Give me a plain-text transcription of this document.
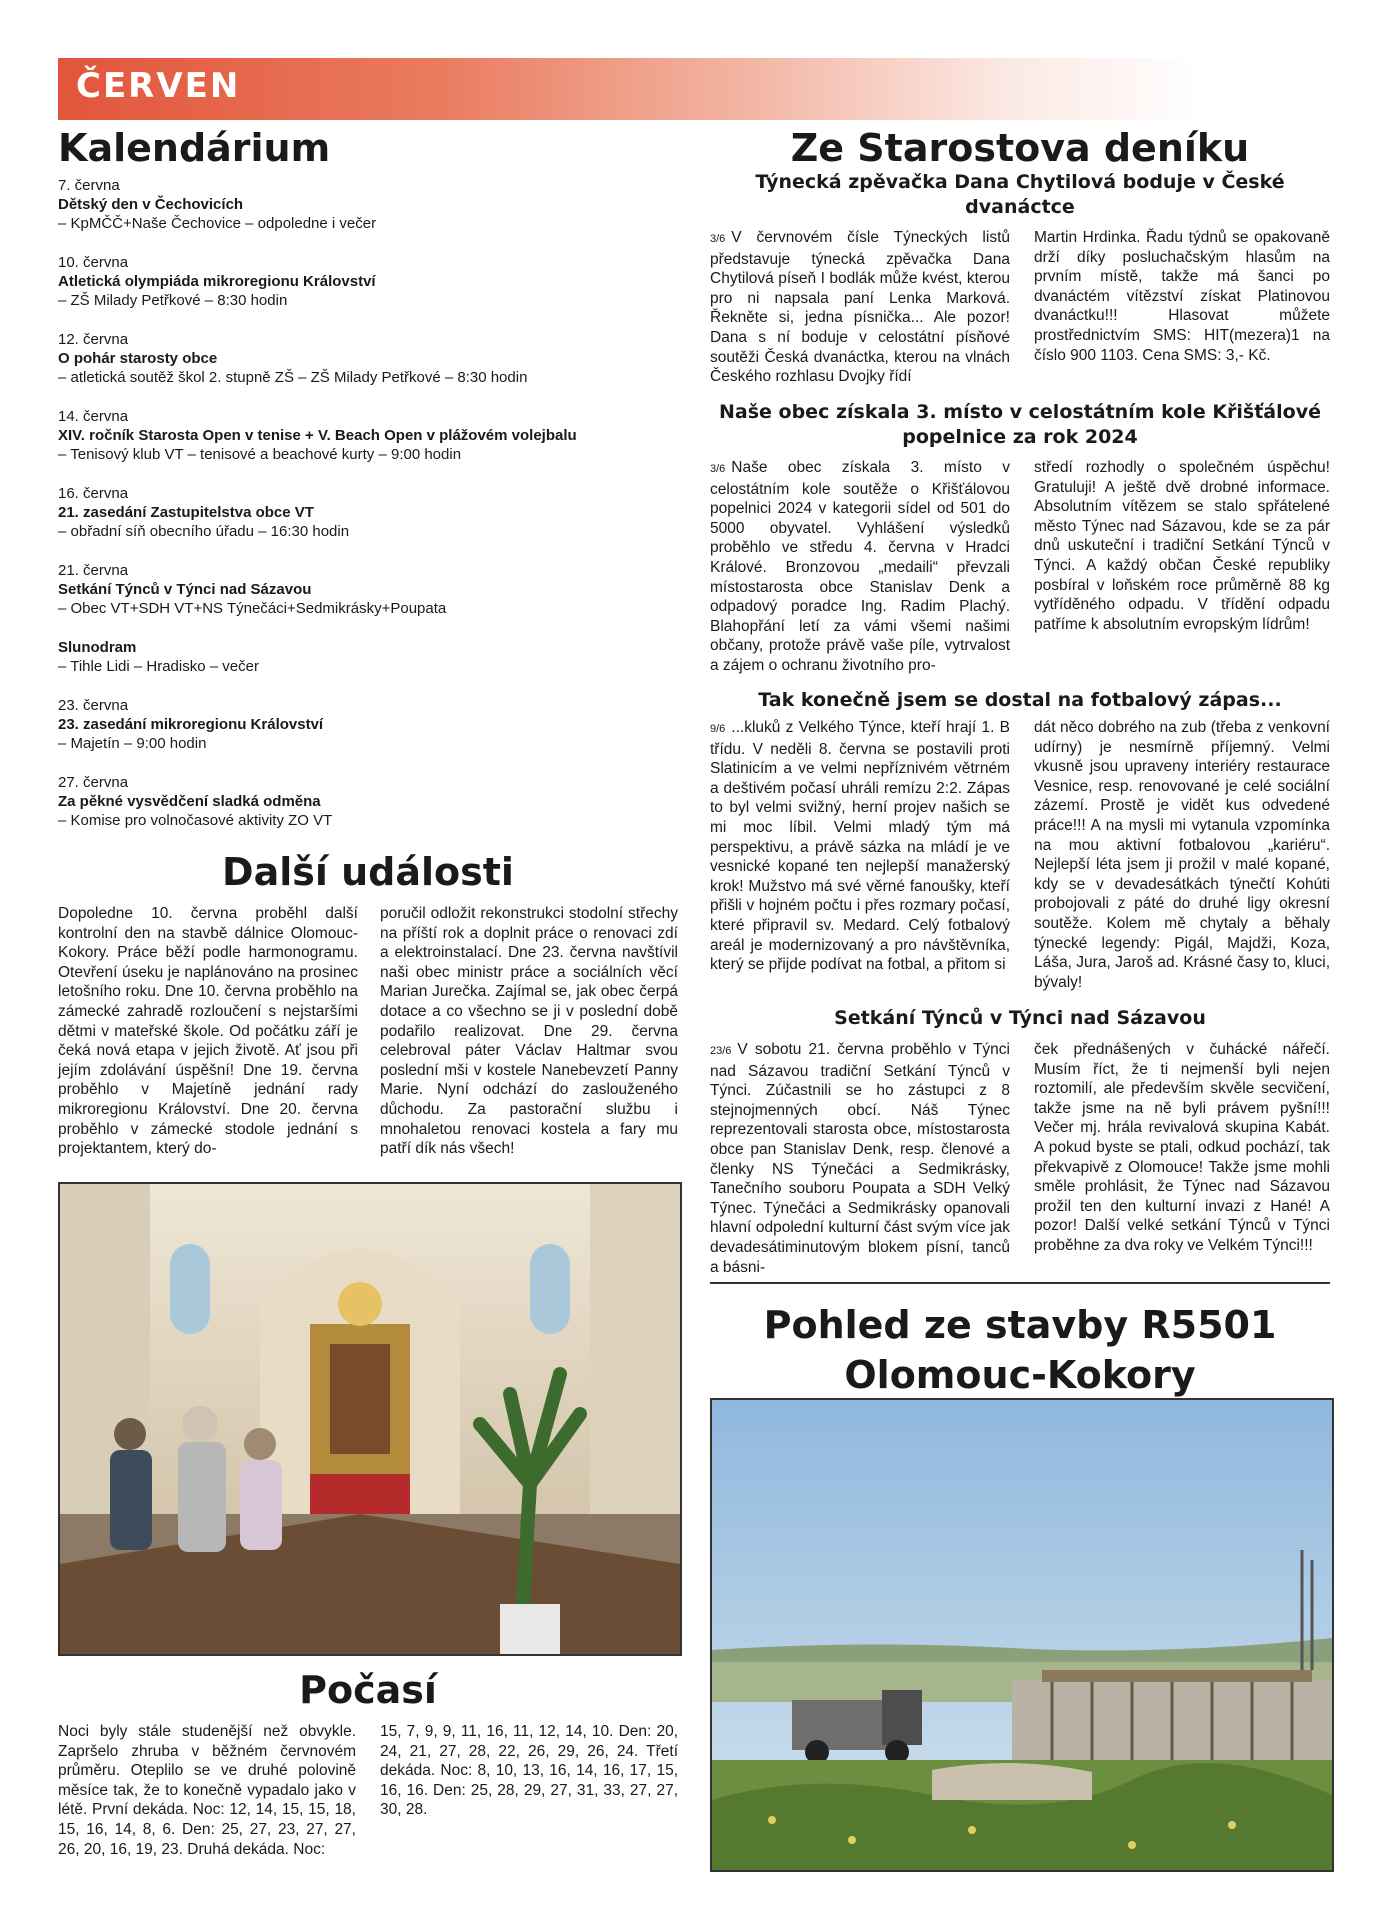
ČERVEN
Kalendárium
7. června
Dětský den v Čechovicích
– KpMČČ+Naše Čechovice – odpoledne i večer
10. června
Atletická olympiáda mikroregionu Království
– ZŠ Milady Petřkové – 8:30 hodin
12. června
O pohár starosty obce
– atletická soutěž škol 2. stupně ZŠ – ZŠ Milady Petřkové – 8:30 hodin
14. června
XIV. ročník Starosta Open v tenise + V. Beach Open v plážovém volejbalu
– Tenisový klub VT – tenisové a beachové kurty – 9:00 hodin
16. června
21. zasedání Zastupitelstva obce VT
– obřadní síň obecního úřadu – 16:30 hodin
21. června
Setkání Týnců v Týnci nad Sázavou
– Obec VT+SDH VT+NS Týnečáci+Sedmikrásky+Poupata
Slunodram
– Tihle Lidi – Hradisko – večer
23. června
23. zasedání mikroregionu Království
– Majetín – 9:00 hodin
27. června
Za pěkné vysvědčení sladká odměna
– Komise pro volnočasové aktivity ZO VT
Další události

Dopoledne 10. června proběhl další kontrolní den na stavbě dálnice Olomouc-Kokory. Práce běží podle harmonogramu. Otevření úseku je naplánováno na prosinec letošního roku. Dne 10. června proběhlo na zámecké zahradě rozloučení s nejstaršími dětmi v mateřské škole. Od počátku září je čeká nová etapa v jejich životě. Ať jsou při jejím zdolávání úspěšní! Dne 19. června proběhlo v Majetíně jednání rady mikroregionu Království. Dne 20. června proběhlo v zámecké stodole jednání s projektantem, který do-

poručil odložit rekonstrukci stodolní střechy na příští rok a doplnit práce o renovaci zdí a elektroinstalací. Dne 23. června navštívil naši obec ministr práce a sociálních věcí Marian Jurečka. Zajímal se, jak obec čerpá dotace a co všechno se ji v poslední době podařilo realizovat. Dne 29. června celebroval páter Václav Haltmar svou poslední mši v kostele Nanebevzetí Panny Marie. Nyní odchází do zaslouženého důchodu. Za pastorační službu i mnohaletou renovaci kostela a fary mu patří dík nás všech!

Počasí

Noci byly stále studenější než obvykle. Zapršelo zhruba v běžném červnovém průměru. Oteplilo se ve druhé polovině měsíce tak, že to konečně vypadalo jako v létě. První dekáda. Noc: 12, 14, 15, 15, 18, 15, 16, 14, 8, 6. Den: 25, 27, 23, 27, 27, 26, 20, 16, 19, 23. Druhá dekáda. Noc:

15, 7, 9, 9, 11, 16, 11, 12, 14, 10. Den: 20, 24, 21, 27, 28, 22, 26, 29, 26, 24. Třetí dekáda. Noc: 8, 10, 13, 16, 14, 16, 17, 15, 16, 16. Den: 25, 28, 29, 27, 31, 33, 27, 27, 30, 28.

Ze Starostova deníku
Týnecká zpěvačka Dana Chytilová boduje v České dvanáctce

3/6 V červnovém čísle Týneckých listů představuje týnecká zpěvačka Dana Chytilová píseň I bodlák může kvést, kterou pro ni napsala paní Lenka Marková. Řekněte si, jedna písnička... Ale pozor! Dana s ní boduje v celostátní písňové soutěži Česká dvanáctka, kterou na vlnách Českého rozhlasu Dvojky řídí

Martin Hrdinka. Řadu týdnů se opakovaně drží díky posluchačským hlasům na prvním místě, takže má šanci po dvanáctém vítězství získat Platinovou dvanáctku!!! Hlasovat můžete prostřednictvím SMS: HIT(mezera)1 na číslo 900 1103. Cena SMS: 3,- Kč.

Naše obec získala 3. místo v celostátním kole Křišťálové popelnice za rok 2024

3/6 Naše obec získala 3. místo v celostátním kole soutěže o Křišťálovou popelnici 2024 v kategorii sídel od 501 do 5000 obyvatel. Vyhlášení výsledků proběhlo ve středu 4. června v Hradci Králové. Bronzovou „medaili“ převzali místostarosta obce Stanislav Denk a odpadový poradce Ing. Radim Plachý. Blahopřání letí za vámi všemi našimi občany, protože právě vaše píle, vytrvalost a zájem o ochranu životního pro-

středí rozhodly o společném úspěchu! Gratuluji! A ještě dvě drobné informace. Absolutním vítězem se stalo spřátelené město Týnec nad Sázavou, kde se za pár dnů uskuteční i tradiční Setkání Týnců v Týnci. A každý občan České republiky posbíral v loňském roce průměrně 88 kg vytříděného odpadu. V třídění odpadu patříme k absolutním evropským lídrům!

Tak konečně jsem se dostal na fotbalový zápas...

9/6 ...kluků z Velkého Týnce, kteří hrají 1. B třídu. V neděli 8. června se postavili proti Slatinicím a ve velmi nepříznivém větrném a deštivém počasí uhráli remízu 2:2. Zápas to byl velmi svižný, herní projev našich se mi moc líbil. Velmi mladý tým má perspektivu, a právě sázka na mládí je ve vesnické kopané ten nejlepší manažerský krok! Mužstvo má své věrné fanoušky, kteří přišli v hojném počtu i přes rozmary počasí, které připravil sv. Medard. Celý fotbalový areál je modernizovaný a pro návštěvníka, který se přijde podívat na fotbal, a přitom si

dát něco dobrého na zub (třeba z venkovní udírny) je nesmírně příjemný. Velmi vkusně jsou upraveny interiéry restaurace Vesnice, resp. renovované je celé sociální zázemí. Prostě je vidět kus odvedené práce!!! A na mysli mi vytanula vzpomínka na mou aktivní fotbalovou „kariéru“. Nejlepší léta jsem ji prožil v malé kopané, kdy se v devadesátkách týnečtí Kohúti probojovali z páté do druhé ligy okresní soutěže. Kolem mě chytaly a běhaly týnecké legendy: Pigál, Majdži, Koza, Láša, Jura, Jaroš ad. Krásné časy to, kluci, bývaly!

Setkání Týnců v Týnci nad Sázavou

23/6 V sobotu 21. června proběhlo v Týnci nad Sázavou tradiční Setkání Týnců v Týnci. Zúčastnili se ho zástupci z 8 stejnojmenných obcí. Náš Týnec reprezentovali starosta obce, místostarosta obce pan Stanislav Denk, resp. členové a členky NS Týnečáci a Sedmikrásky, Tanečního souboru Poupata a SDH Velký Týnec. Týnečáci a Sedmikrásky opanovali hlavní odpolední kulturní část svým více jak devadesátiminutovým blokem písní, tanců a básni-

ček přednášených v čuhácké nářečí. Musím říct, že ti nejmenší byli nejen roztomilí, ale především skvěle secvičení, takže jsme na ně byli právem pyšní!!! Večer mj. hrála revivalová skupina Kabát. A pokud byste se ptali, odkud pochází, tak překvapivě z Olomouce! Takže jsme mohli směle prohlásit, že Týnec nad Sázavou prožil ten den kulturní invazi z Hané! A pozor! Další velké setkání Týnců v Týnci proběhne za dva roky ve Velkém Týnci!!!

Pohled ze stavby R5501
Olomouc-Kokory
